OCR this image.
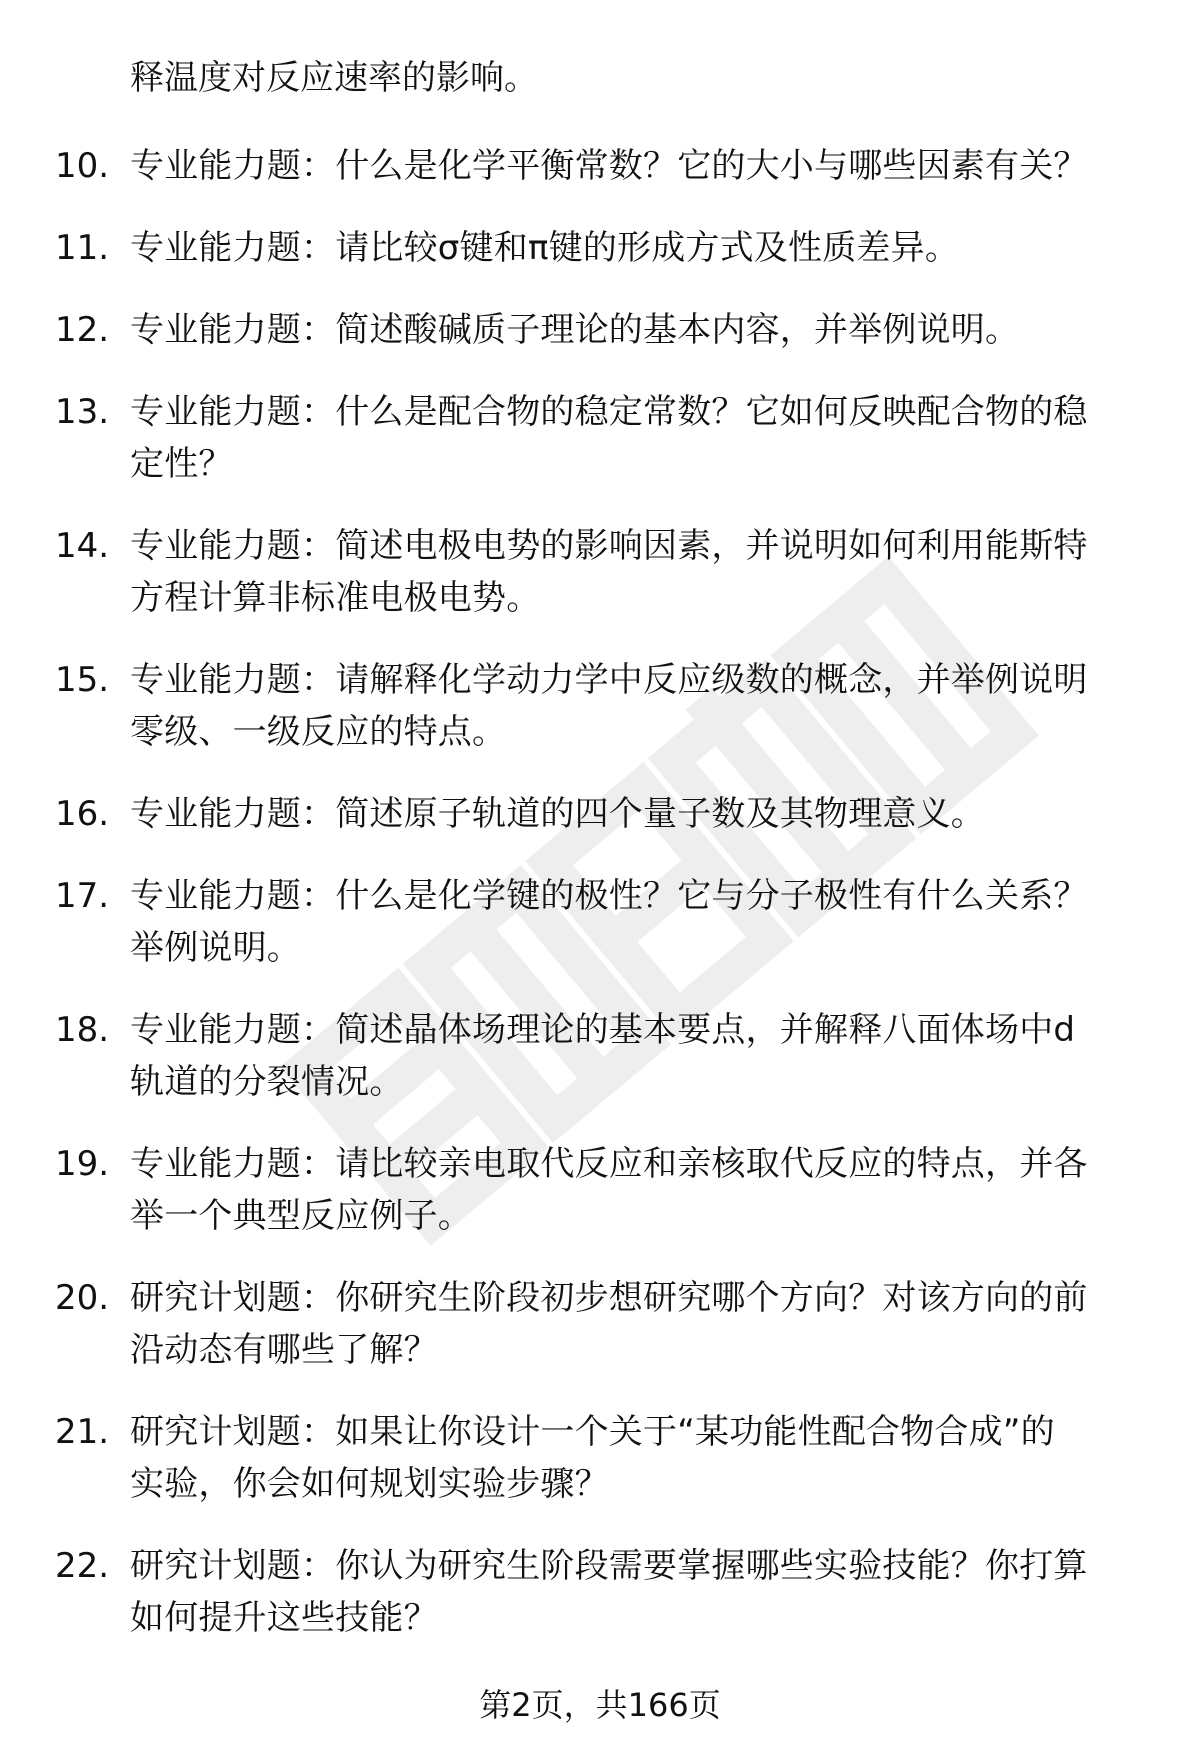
释温度对反应速率的影响。
10. 专业能力题：什么是化学平衡常数？它的大小与哪些因素有关？
11. 专业能力题：请比较σ键和π键的形成方式及性质差异。
12. 专业能力题：简述酸碱质子理论的基本内容，并举例说明。
13. 专业能力题：什么是配合物的稳定常数？它如何反映配合物的稳
定性？
14. 专业能力题：简述电极电势的影响因素，并说明如何利用能斯特
方程计算非标准电极电势。
15. 专业能力题：请解释化学动力学中反应级数的概念，并举例说明
零级、一级反应的特点。
16. 专业能力题：简述原子轨道的四个量子数及其物理意义。
17. 专业能力题：什么是化学键的极性？它与分子极性有什么关系？
举例说明。
18. 专业能力题：简述晶体场理论的基本要点，并解释八面体场中d
轨道的分裂情况。
19. 专业能力题：请比较亲电取代反应和亲核取代反应的特点，并各
举一个典型反应例子。
20. 研究计划题：你研究生阶段初步想研究哪个方向？对该方向的前
沿动态有哪些了解？
21. 研究计划题：如果让你设计一个关于“某功能性配合物合成”的
实验，你会如何规划实验步骤？
22. 研究计划题：你认为研究生阶段需要掌握哪些实验技能？你打算
如何提升这些技能？
第2页，共166页
